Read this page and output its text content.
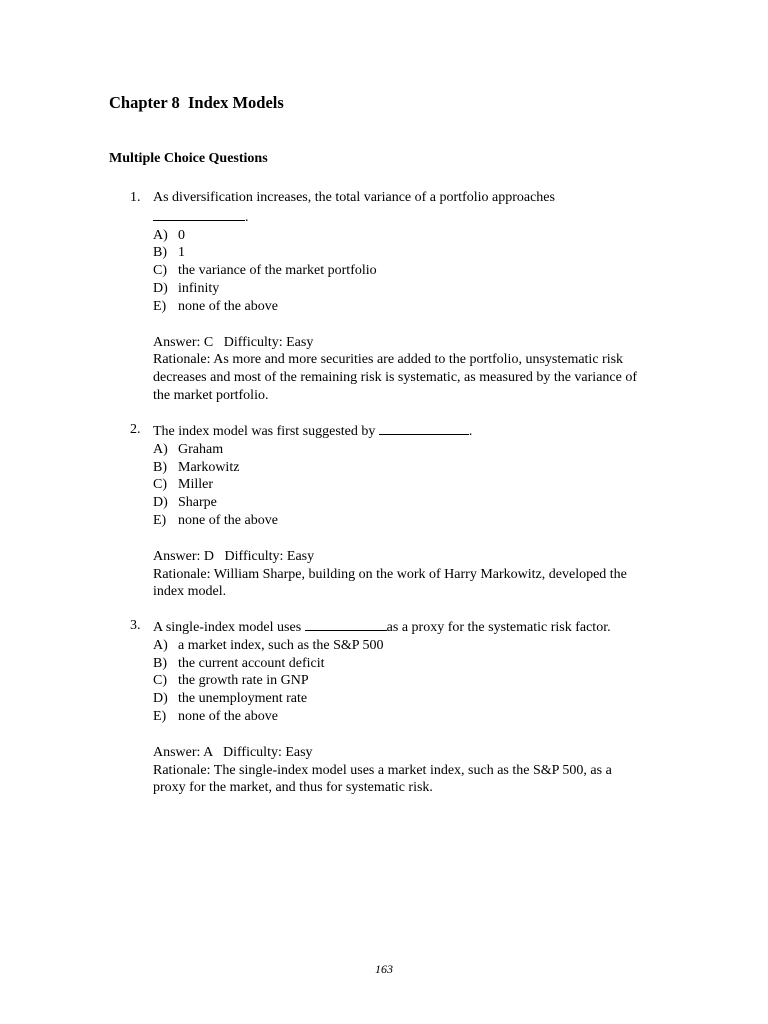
Chapter 8  Index Models
Multiple Choice Questions
1. As diversification increases, the total variance of a portfolio approaches
.
A) 0
B) 1
C) the variance of the market portfolio
D) infinity
E) none of the above
Answer: C   Difficulty: Easy
Rationale: As more and more securities are added to the portfolio, unsystematic risk
decreases and most of the remaining risk is systematic, as measured by the variance of
the market portfolio.
2. The index model was first suggested by	.
A) Graham
B) Markowitz
C) Miller
D) Sharpe
E) none of the above
Answer: D   Difficulty: Easy
Rationale: William Sharpe, building on the work of Harry Markowitz, developed the
index model.
3. A single-index model uses	as a proxy for the systematic risk factor.
A) a market index, such as the S&P 500
B) the current account deficit
C) the growth rate in GNP
D) the unemployment rate
E) none of the above
Answer: A   Difficulty: Easy
Rationale: The single-index model uses a market index, such as the S&P 500, as a
proxy for the market, and thus for systematic risk.
163
